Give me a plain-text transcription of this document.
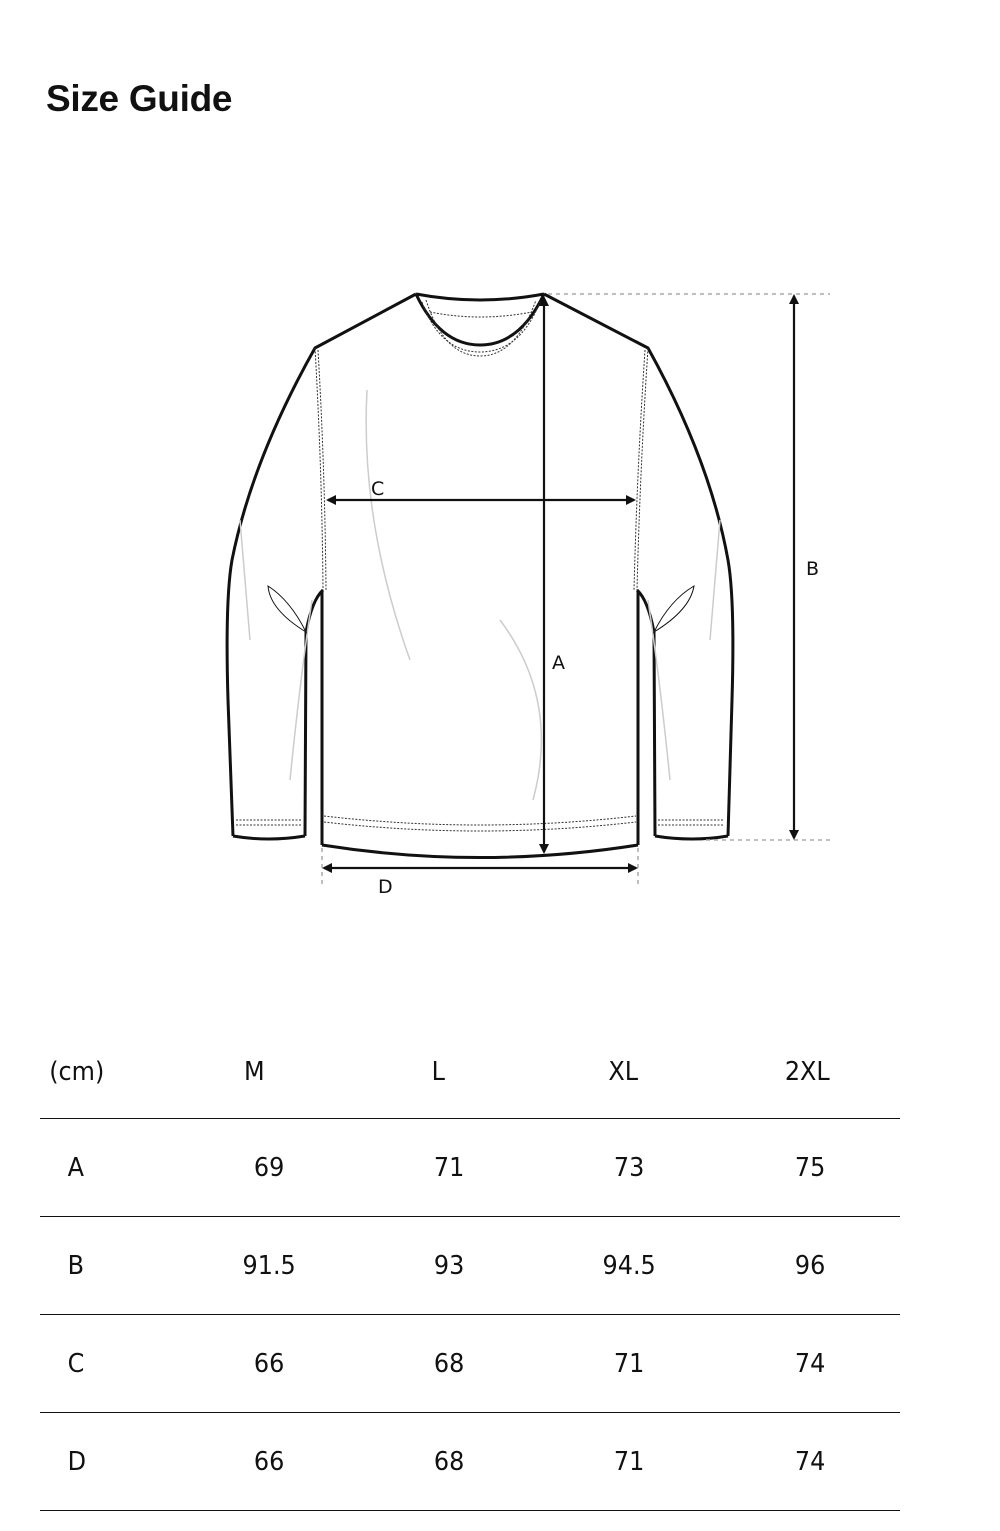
Size Guide
A
B
C
D
(cm)	M	L	XL	2XL
A	69	71	73	75
B	91.5	93	94.5	96
C	66	68	71	74
D	66	68	71	74
